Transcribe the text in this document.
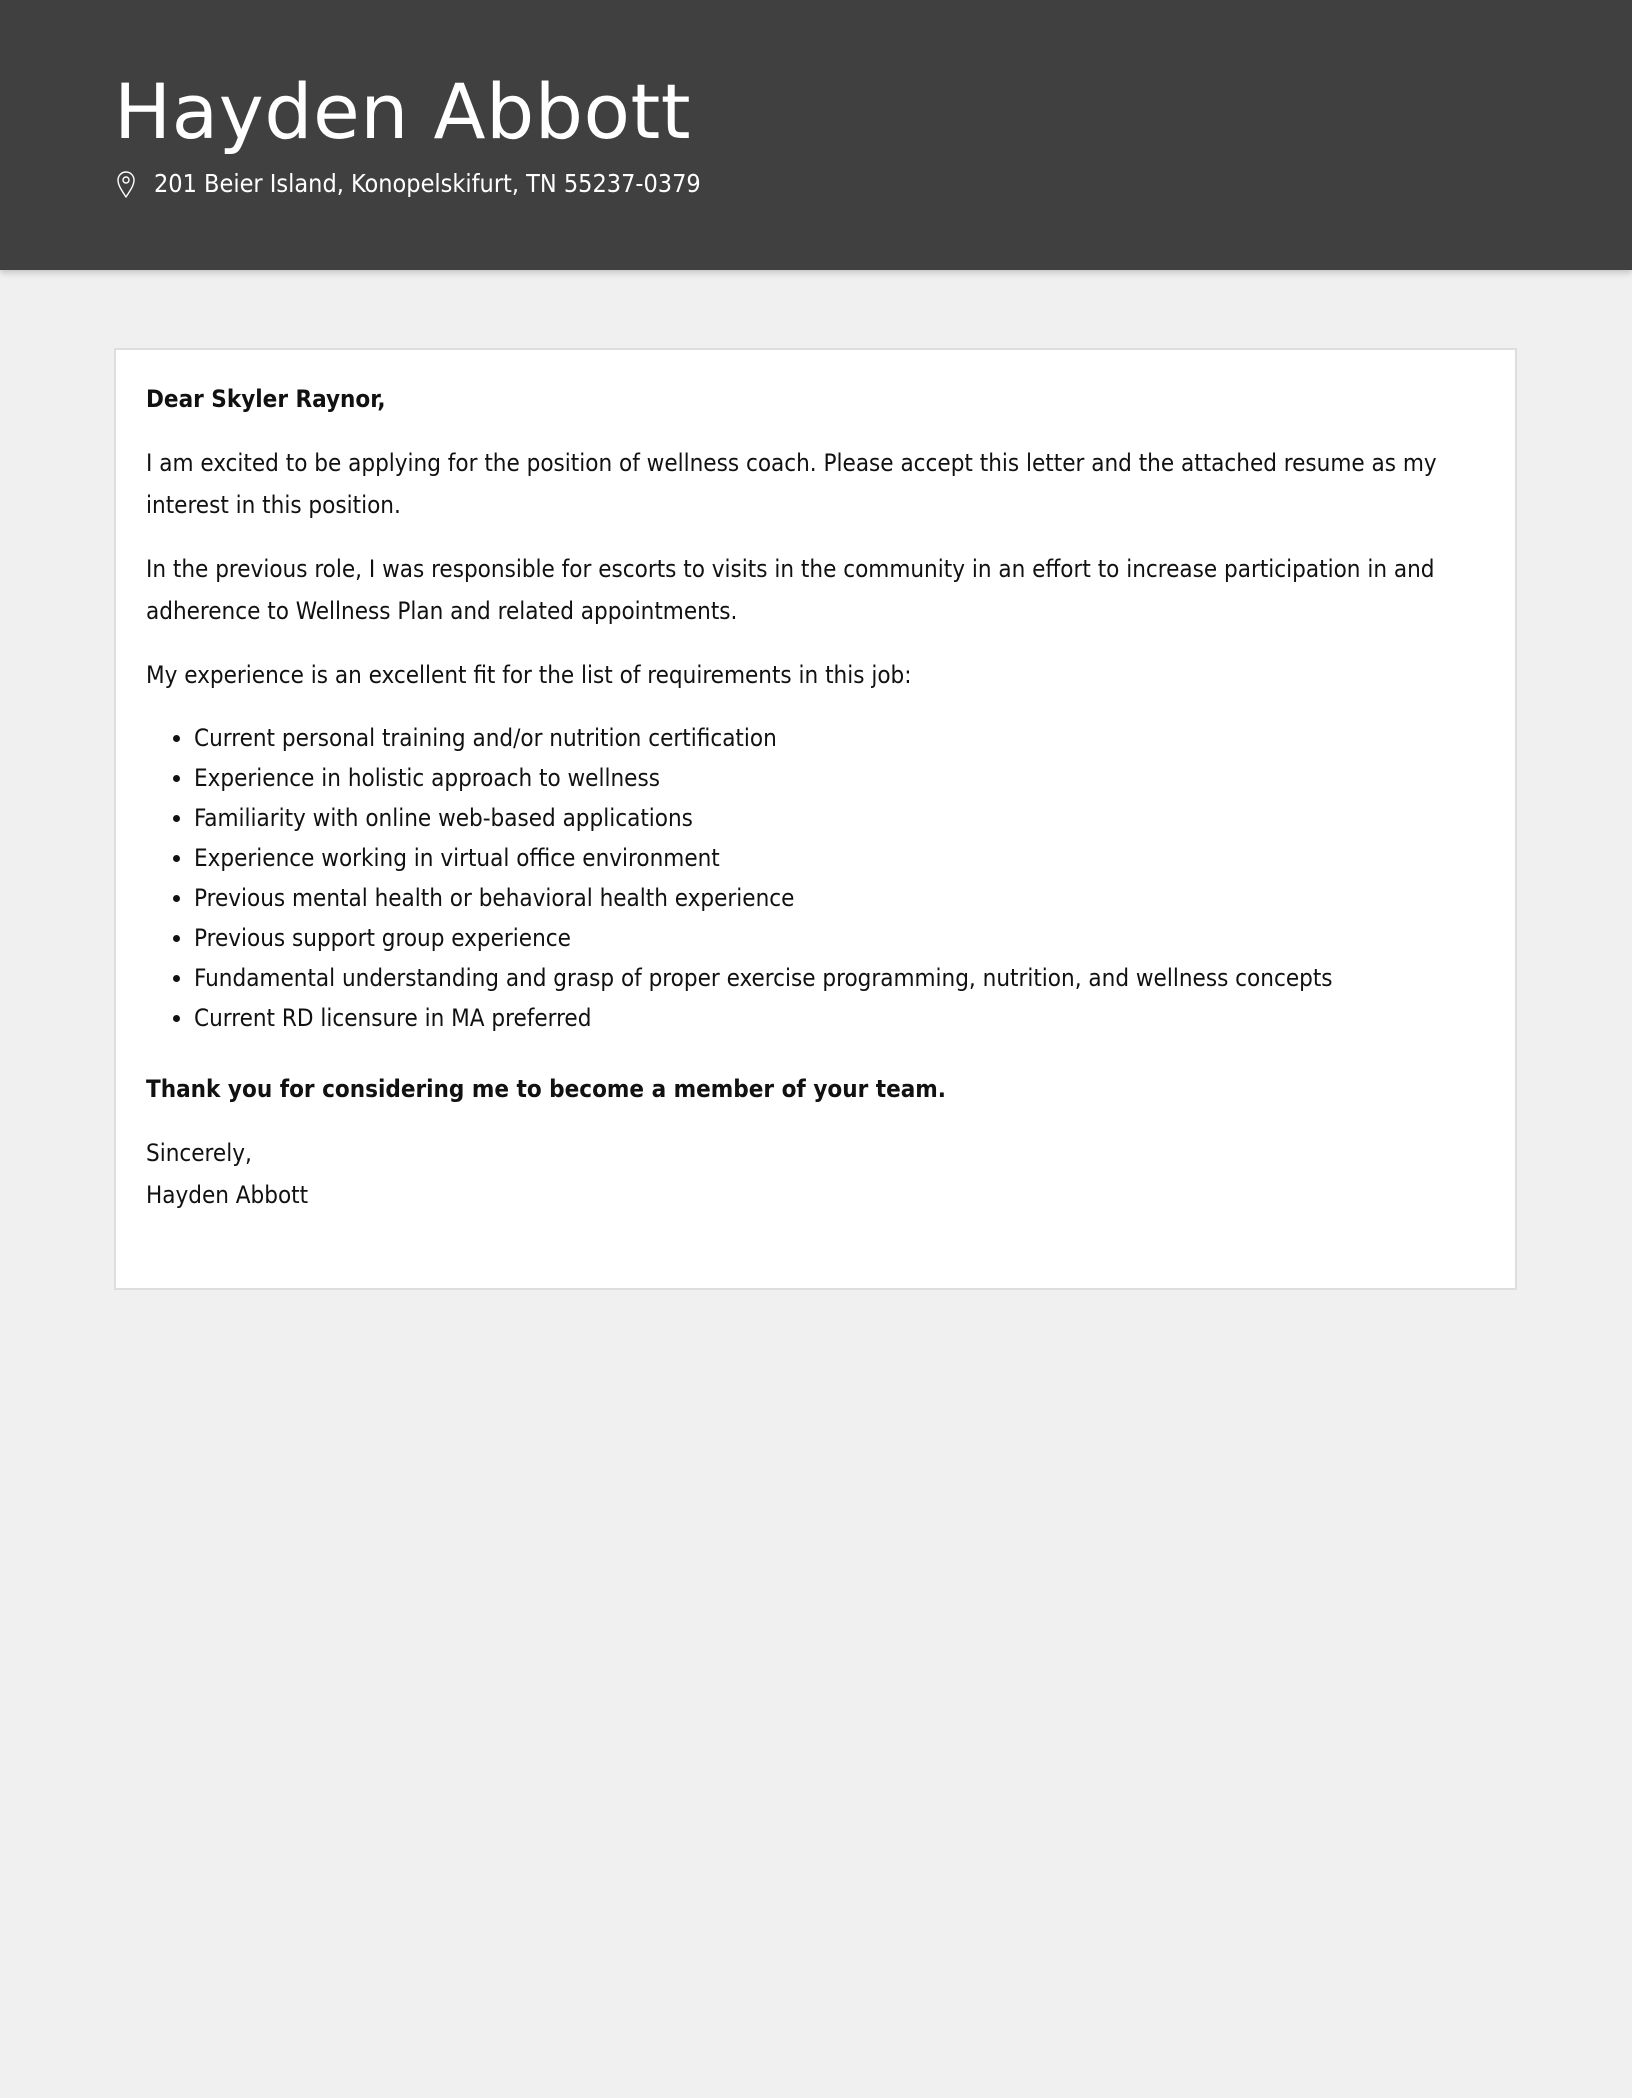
Hayden Abbott
201 Beier Island, Konopelskifurt, TN 55237-0379

Dear Skyler Raynor,

I am excited to be applying for the position of wellness coach. Please accept this letter and the attached resume as my interest in this position.

In the previous role, I was responsible for escorts to visits in the community in an effort to increase participation in and adherence to Wellness Plan and related appointments.

My experience is an excellent fit for the list of requirements in this job:

Current personal training and/or nutrition certification
Experience in holistic approach to wellness
Familiarity with online web-based applications
Experience working in virtual office environment
Previous mental health or behavioral health experience
Previous support group experience
Fundamental understanding and grasp of proper exercise programming, nutrition, and wellness concepts
Current RD licensure in MA preferred

Thank you for considering me to become a member of your team.

Sincerely,

Hayden Abbott
